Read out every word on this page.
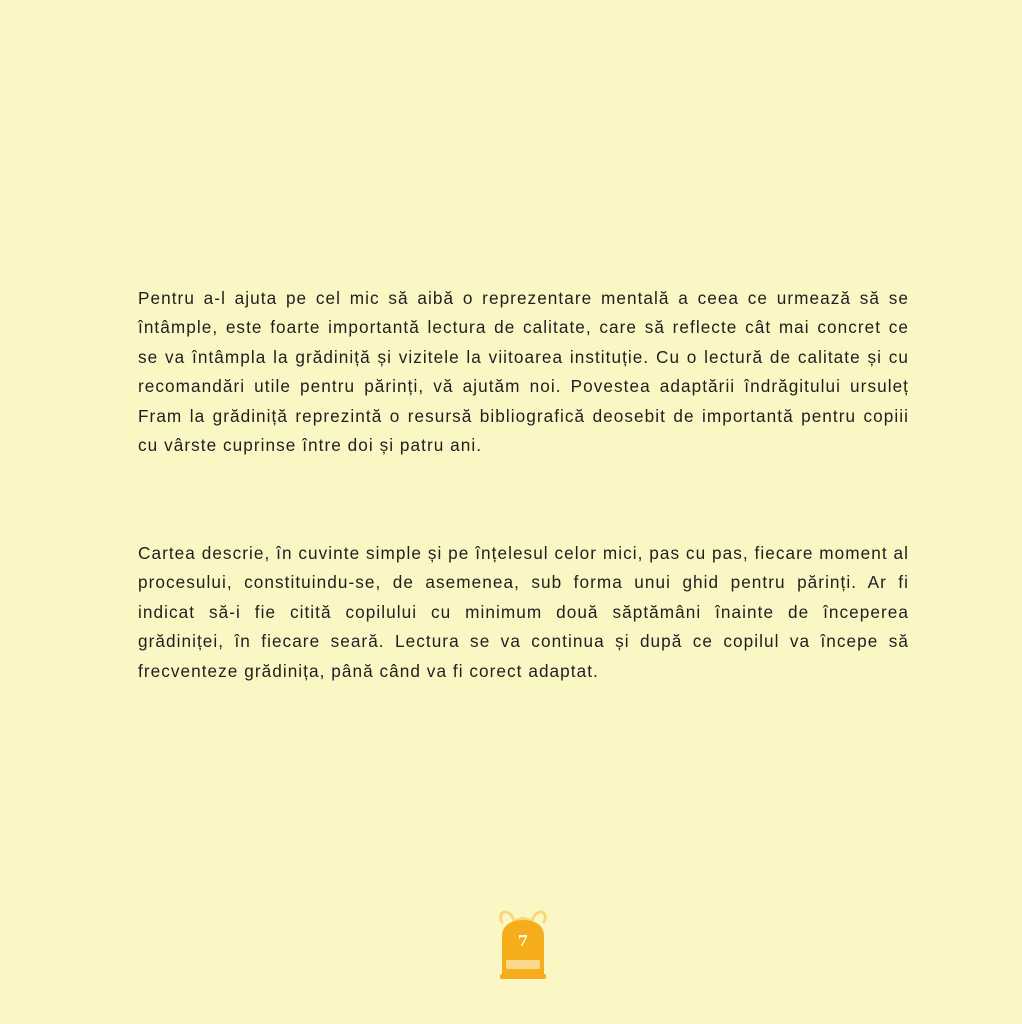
Pentru a-l ajuta pe cel mic să aibă o reprezentare mentală a ceea ce urmează să se întâmple, este foarte importantă lectura de calitate, care să reflecte cât mai concret ce se va întâmpla la grădiniță și vizitele la viitoarea instituție. Cu o lectură de calitate și cu recomandări utile pentru părinți, vă ajutăm noi. Povestea adaptării îndrăgitului ursuleț Fram la grădiniță reprezintă o resursă bibliografică deosebit de importantă pentru copiii cu vârste cuprinse între doi și patru ani.

Cartea descrie, în cuvinte simple și pe înțelesul celor mici, pas cu pas, fiecare moment al procesului, constituindu-se, de asemenea, sub forma unui ghid pentru părinți. Ar fi indicat să-i fie citită copilului cu minimum două săptămâni înainte de începerea grădiniței, în fiecare seară. Lectura se va continua și după ce copilul va începe să frecventeze grădinița, până când va fi corect adaptat.

7
